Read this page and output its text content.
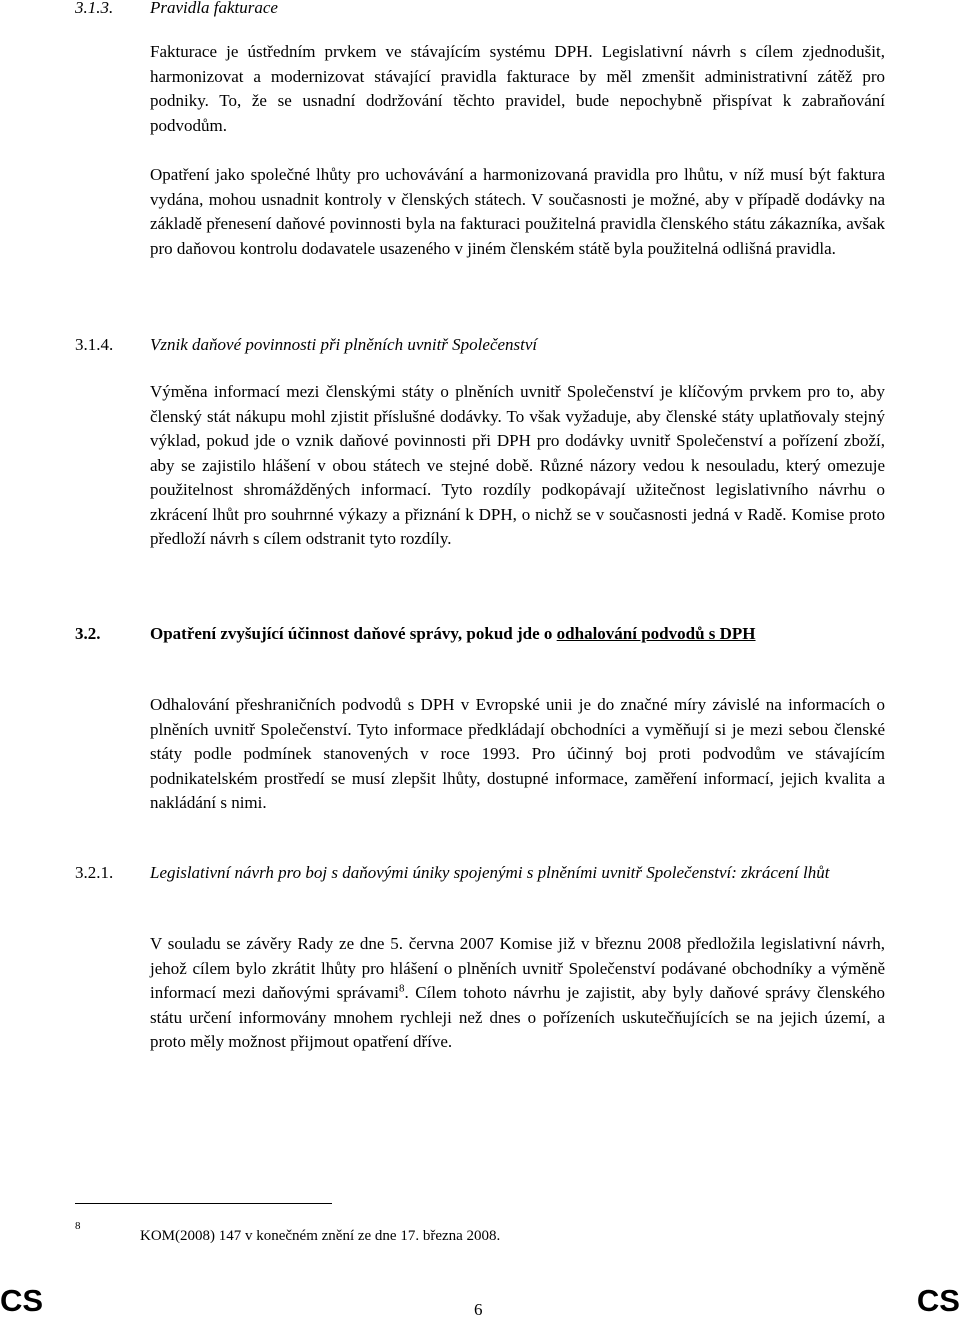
3.1.3. Pravidla fakturace

Fakturace je ústředním prvkem ve stávajícím systému DPH. Legislativní návrh s cílem zjednodušit, harmonizovat a modernizovat stávající pravidla fakturace by měl zmenšit administrativní zátěž pro podniky. To, že se usnadní dodržování těchto pravidel, bude nepochybně přispívat k zabraňování podvodům.

Opatření jako společné lhůty pro uchovávání a harmonizovaná pravidla pro lhůtu, v níž musí být faktura vydána, mohou usnadnit kontroly v členských státech. V současnosti je možné, aby v případě dodávky na základě přenesení daňové povinnosti byla na fakturaci použitelná pravidla členského státu zákazníka, avšak pro daňovou kontrolu dodavatele usazeného v jiném členském státě byla použitelná odlišná pravidla.

3.1.4. Vznik daňové povinnosti při plněních uvnitř Společenství

Výměna informací mezi členskými státy o plněních uvnitř Společenství je klíčovým prvkem pro to, aby členský stát nákupu mohl zjistit příslušné dodávky. To však vyžaduje, aby členské státy uplatňovaly stejný výklad, pokud jde o vznik daňové povinnosti při DPH pro dodávky uvnitř Společenství a pořízení zboží, aby se zajistilo hlášení v obou státech ve stejné době. Různé názory vedou k nesouladu, který omezuje použitelnost shromážděných informací. Tyto rozdíly podkopávají užitečnost legislativního návrhu o zkrácení lhůt pro souhrnné výkazy a přiznání k DPH, o nichž se v současnosti jedná v Radě. Komise proto předloží návrh s cílem odstranit tyto rozdíly.

3.2.	Opatření zvyšující účinnost daňové správy, pokud jde o odhalování podvodů s DPH

Odhalování přeshraničních podvodů s DPH v Evropské unii je do značné míry závislé na informacích o plněních uvnitř Společenství. Tyto informace předkládají obchodníci a vyměňují si je mezi sebou členské státy podle podmínek stanovených v roce 1993. Pro účinný boj proti podvodům ve stávajícím podnikatelském prostředí se musí zlepšit lhůty, dostupné informace, zaměření informací, jejich kvalita a nakládání s nimi.

3.2.1. Legislativní návrh pro boj s daňovými úniky spojenými s plněními uvnitř Společenství: zkrácení lhůt

V souladu se závěry Rady ze dne 5. června 2007 Komise již v březnu 2008 předložila legislativní návrh, jehož cílem bylo zkrátit lhůty pro hlášení o plněních uvnitř Společenství podávané obchodníky a výměně informací mezi daňovými správami$^8$. Cílem tohoto návrhu je zajistit, aby byly daňové správy členského státu určení informovány mnohem rychleji než dnes o pořízeních uskutečňujících se na jejich území, a proto měly možnost přijmout opatření dříve.

8
KOM(2008) 147 v konečném znění ze dne 17. března 2008.
CS	6	CS
